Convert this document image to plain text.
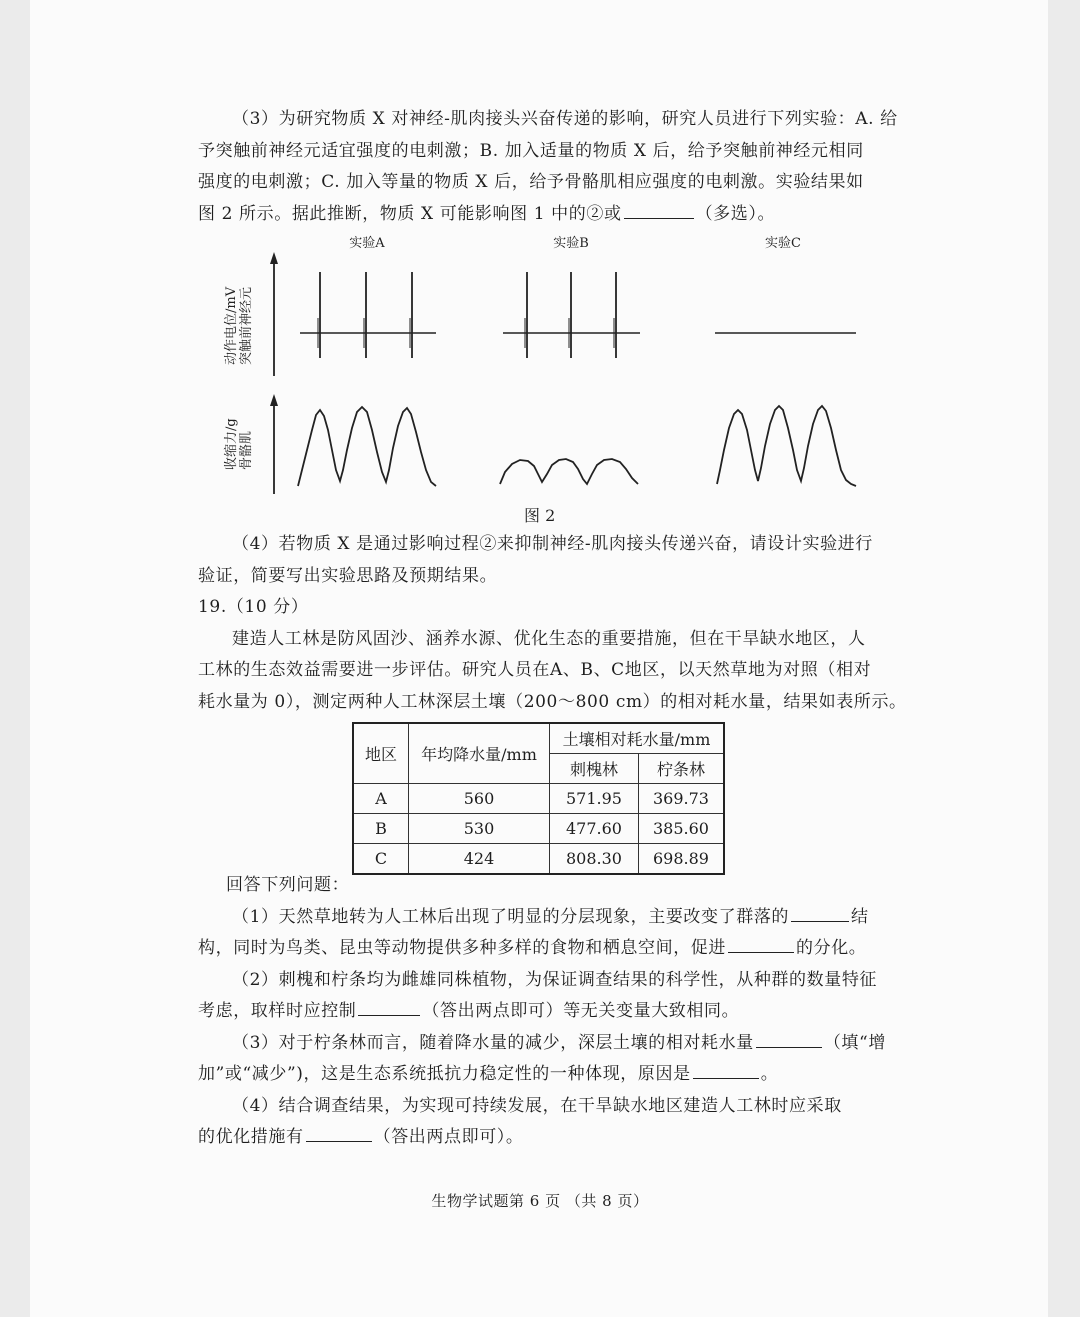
（3）为研究物质 X 对神经-肌肉接头兴奋传递的影响，研究人员进行下列实验：A. 给
予突触前神经元适宜强度的电刺激；B. 加入适量的物质 X 后，给予突触前神经元相同
强度的电刺激；C. 加入等量的物质 X 后，给予骨骼肌相应强度的电刺激。实验结果如
图 2 所示。据此推断，物质 X 可能影响图 1 中的②或	（多选）。
实验A	实验B	实验C
突触前神经元
动作电位/mV
骨骼肌
收缩力/g
图 2
（4）若物质 X 是通过影响过程②来抑制神经-肌肉接头传递兴奋，请设计实验进行
验证，简要写出实验思路及预期结果。
19.（10 分）
建造人工林是防风固沙、涵养水源、优化生态的重要措施，但在干旱缺水地区，人
工林的生态效益需要进一步评估。研究人员在A、B、C地区，以天然草地为对照（相对
耗水量为 0），测定两种人工林深层土壤（200～800 cm）的相对耗水量，结果如表所示。
地区	年均降水量/mm	土壤相对耗水量/mm	
		刺槐林	柠条林
A	560	571.95	369.73
B	530	477.60	385.60
C	424	808.30	698.89
回答下列问题：
（1）天然草地转为人工林后出现了明显的分层现象，主要改变了群落的	结
构，同时为鸟类、昆虫等动物提供多种多样的食物和栖息空间，促进	的分化。
（2）刺槐和柠条均为雌雄同株植物，为保证调查结果的科学性，从种群的数量特征
考虑，取样时应控制	（答出两点即可）等无关变量大致相同。
（3）对于柠条林而言，随着降水量的减少，深层土壤的相对耗水量	（填“增
加”或“减少”)，这是生态系统抵抗力稳定性的一种体现，原因是	。
（4）结合调查结果，为实现可持续发展，在干旱缺水地区建造人工林时应采取
的优化措施有	（答出两点即可）。
生物学试题第 6 页 （共 8 页）
